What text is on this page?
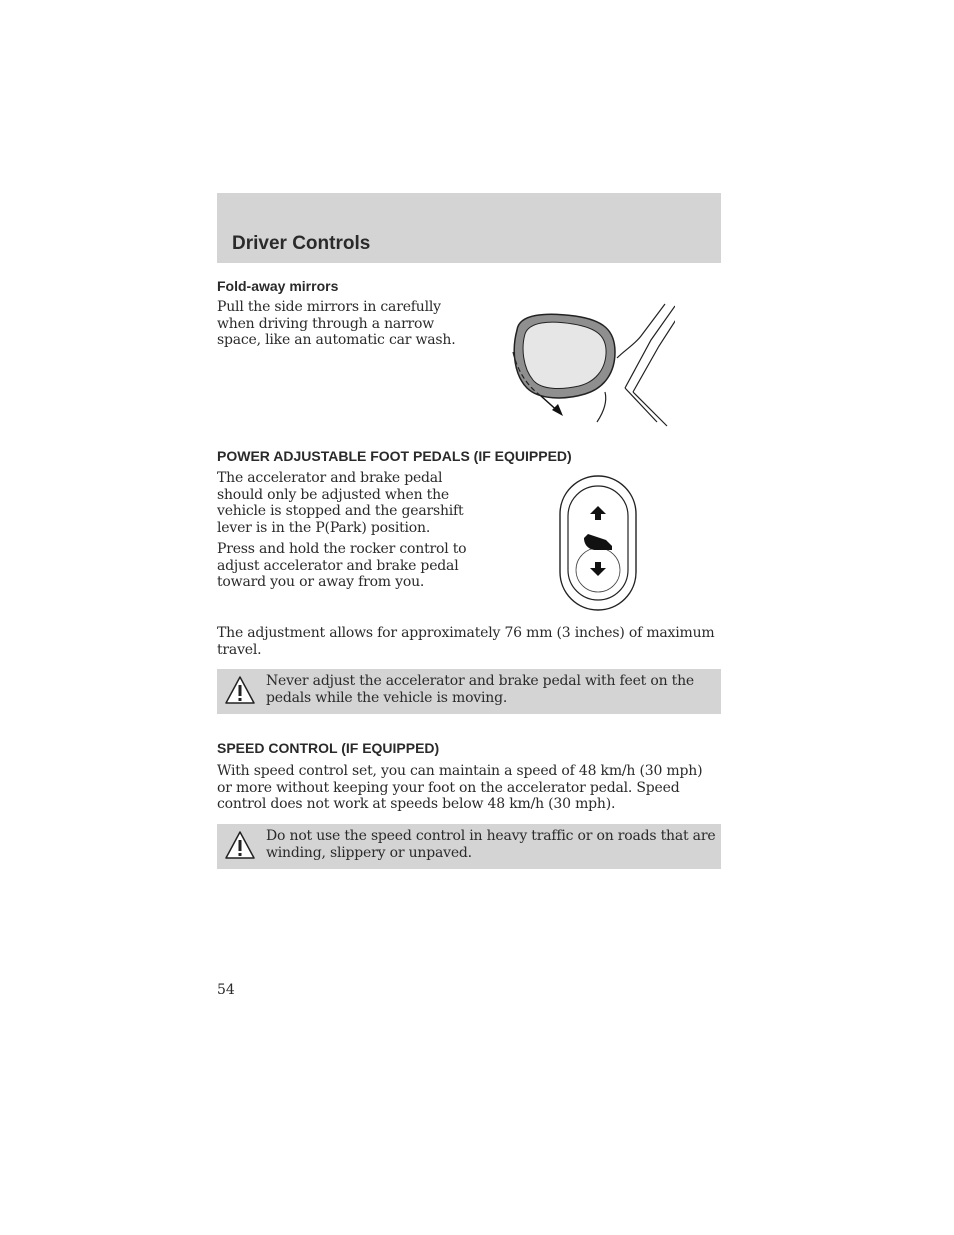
Driver Controls
Fold-away mirrors

Pull the side mirrors in carefully when driving through a narrow space, like an automatic car wash.

POWER ADJUSTABLE FOOT PEDALS (IF EQUIPPED)

The accelerator and brake pedal should only be adjusted when the vehicle is stopped and the gearshift lever is in the P(Park) position.

Press and hold the rocker control to adjust accelerator and brake pedal toward you or away from you.

The adjustment allows for approximately 76 mm (3 inches) of maximum travel.

Never adjust the accelerator and brake pedal with feet on the pedals while the vehicle is moving.

SPEED CONTROL (IF EQUIPPED)

With speed control set, you can maintain a speed of 48 km/h (30 mph) or more without keeping your foot on the accelerator pedal. Speed control does not work at speeds below 48 km/h (30 mph).

Do not use the speed control in heavy traffic or on roads that are winding, slippery or unpaved.

54
